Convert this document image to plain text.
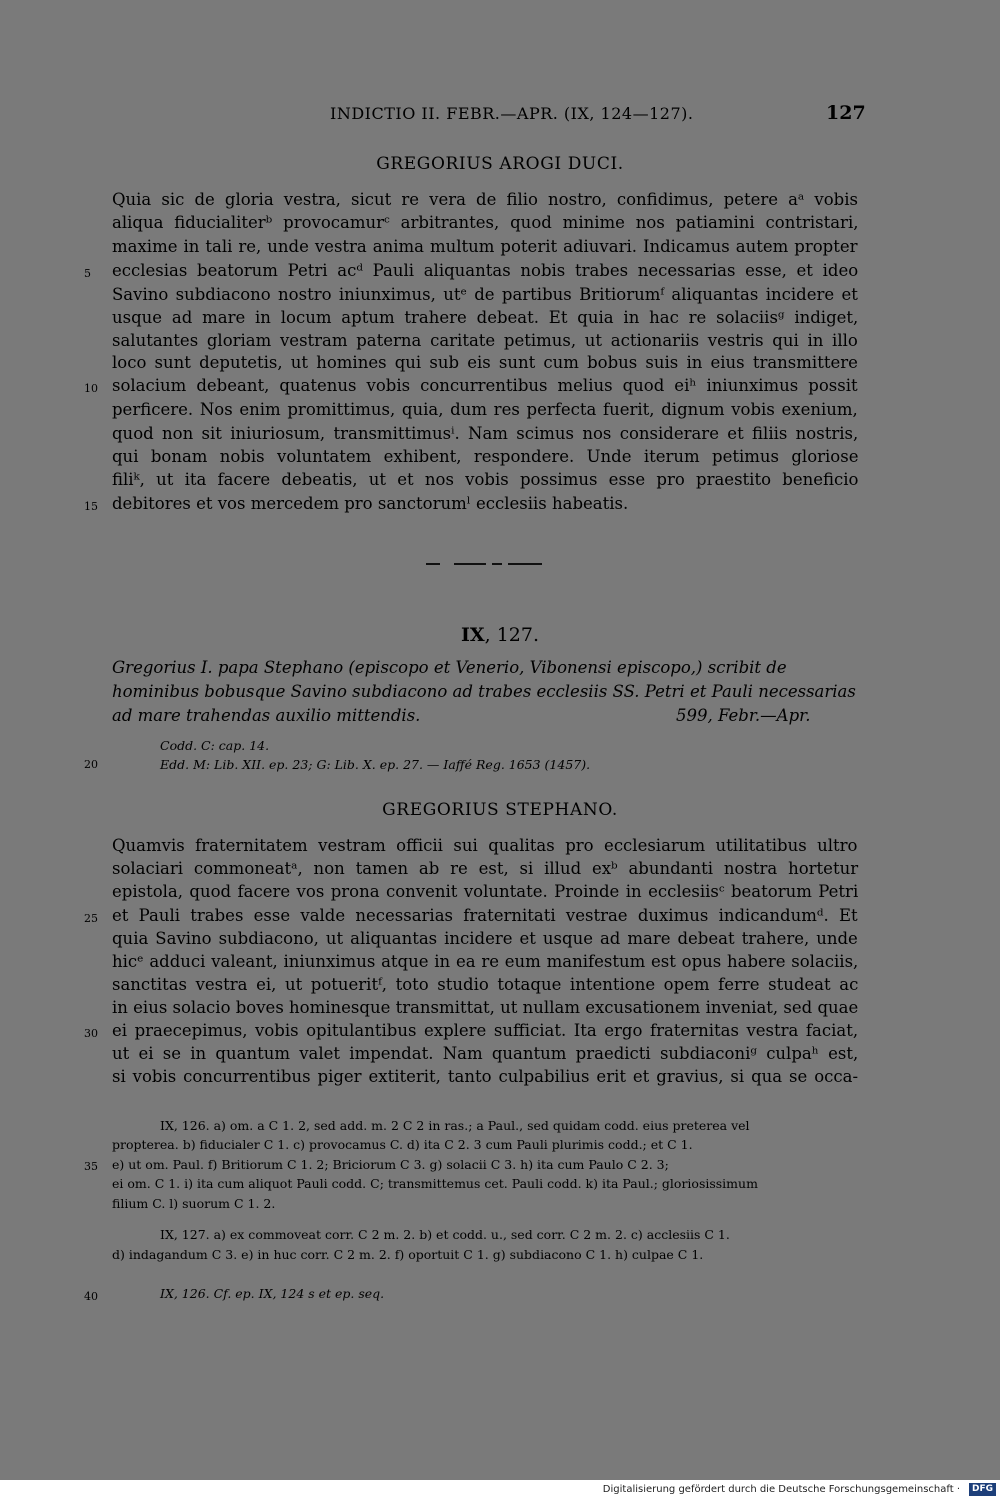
INDICTIO II. FEBR.—APR. (IX, 124—127).	127
GREGORIUS AROGI DUCI.
Quia sic de gloria vestra, sicut re vera de filio nostro, confidimus, petere aᵃ vobis
aliqua fiducialiterᵇ provocamurᶜ arbitrantes, quod minime nos patiamini contristari,
maxime in tali re, unde vestra anima multum poterit adiuvari. Indicamus autem propter
ecclesias beatorum Petri acᵈ Pauli aliquantas nobis trabes necessarias esse, et ideo
Savino subdiacono nostro iniunximus, utᵉ de partibus Britiorumᶠ aliquantas incidere et
usque ad mare in locum aptum trahere debeat. Et quia in hac re solaciisᵍ indiget,
salutantes gloriam vestram paterna caritate petimus, ut actionariis vestris qui in illo
loco sunt deputetis, ut homines qui sub eis sunt cum bobus suis in eius transmittere
solacium debeant, quatenus vobis concurrentibus melius quod eiʰ iniunximus possit
perficere. Nos enim promittimus, quia, dum res perfecta fuerit, dignum vobis exenium,
quod non sit iniuriosum, transmittimusⁱ. Nam scimus nos considerare et filiis nostris,
qui bonam nobis voluntatem exhibent, respondere. Unde iterum petimus gloriose
filiᵏ, ut ita facere debeatis, ut et nos vobis possimus esse pro praestito beneficio
debitores et vos mercedem pro sanctorumˡ ecclesiis habeatis.
5
10
15
IX, 127.
Gregorius I. papa Stephano (episcopo et Venerio, Vibonensi episcopo,) scribit de
hominibus bobusque Savino subdiacono ad trabes ecclesiis SS. Petri et Pauli necessarias
ad mare trahendas auxilio mittendis.	599, Febr.—Apr.
Codd. C: cap. 14.
Edd. M: Lib. XII. ep. 23; G: Lib. X. ep. 27. — Iaffé Reg. 1653 (1457).
20
GREGORIUS STEPHANO.
Quamvis fraternitatem vestram officii sui qualitas pro ecclesiarum utilitatibus ultro
solaciari commoneatᵃ, non tamen ab re est, si illud exᵇ abundanti nostra hortetur
epistola, quod facere vos prona convenit voluntate. Proinde in ecclesiisᶜ beatorum Petri
et Pauli trabes esse valde necessarias fraternitati vestrae duximus indicandumᵈ. Et
quia Savino subdiacono, ut aliquantas incidere et usque ad mare debeat trahere, unde
hicᵉ adduci valeant, iniunximus atque in ea re eum manifestum est opus habere solaciis,
sanctitas vestra ei, ut potueritᶠ, toto studio totaque intentione opem ferre studeat ac
in eius solacio boves hominesque transmittat, ut nullam excusationem inveniat, sed quae
ei praecepimus, vobis opitulantibus explere sufficiat. Ita ergo fraternitas vestra faciat,
ut ei se in quantum valet impendat. Nam quantum praedicti subdiaconiᵍ culpaʰ est,
si vobis concurrentibus piger extiterit, tanto culpabilius erit et gravius, si qua se occa-
25
30
IX, 126. a) om. a C 1. 2, sed add. m. 2 C 2 in ras.; a Paul., sed quidam codd. eius preterea vel
propterea. b) fiducialer C 1. c) provocamus C. d) ita C 2. 3 cum Pauli plurimis codd.; et C 1.
e) ut om. Paul. f) Britiorum C 1. 2; Briciorum C 3. g) solacii C 3. h) ita cum Paulo C 2. 3;
ei om. C 1. i) ita cum aliquot Pauli codd. C; transmittemus cet. Pauli codd. k) ita Paul.; gloriosissimum
filium C. l) suorum C 1. 2.
IX, 127. a) ex commoveat corr. C 2 m. 2. b) et codd. u., sed corr. C 2 m. 2. c) acclesiis C 1.
d) indagandum C 3. e) in huc corr. C 2 m. 2. f) oportuit C 1. g) subdiacono C 1. h) culpae C 1.
IX, 126. Cf. ep. IX, 124 s et ep. seq.
35
40
Digitalisierung gefördert durch die Deutsche Forschungsgemeinschaft ·	DFG
